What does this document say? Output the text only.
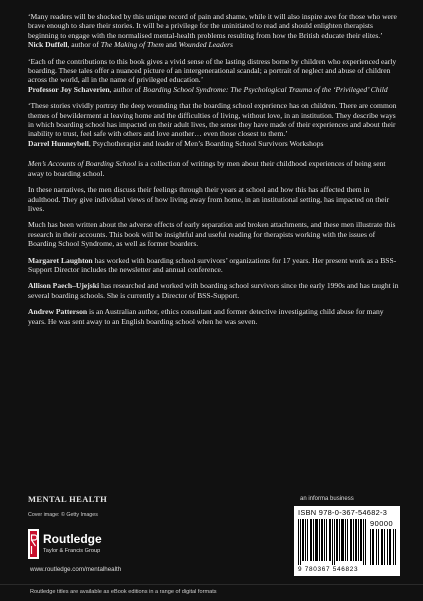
‘Many readers will be shocked by this unique record of pain and shame, while it will also inspire awe for those who were brave enough to share their stories. It will be a privilege for the uninitiated to read and should enlighten therapists beginning to engage with the normalised mental-health problems resulting from how the British educate their elites.’

Nick Duffell, author of The Making of Them and Wounded Leaders

‘Each of the contributions to this book gives a vivid sense of the lasting distress borne by children who experienced early boarding. These tales offer a nuanced picture of an intergenerational scandal; a portrait of neglect and abuse of children across the world, all in the name of privileged education.’

Professor Joy Schaverien, author of Boarding School Syndrome: The Psychological Trauma of the ‘Privileged’ Child

‘These stories vividly portray the deep wounding that the boarding school experience has on children. There are common themes of bewilderment at leaving home and the difficulties of living, without love, in an institution. They describe ways in which boarding school has impacted on their adult lives, the sense they have made of their experiences and about their inability to trust, feel safe with others and love another… even those closest to them.’

Darrel Hunneybell, Psychotherapist and leader of Men’s Boarding School Survivors Workshops

Men’s Accounts of Boarding School is a collection of writings by men about their childhood experiences of being sent away to boarding school.

In these narratives, the men discuss their feelings through their years at school and how this has affected them in adulthood. They give individual views of how living away from home, in an institutional setting, has impacted on their lives.

Much has been written about the adverse effects of early separation and broken attachments, and these men illustrate this research in their accounts. This book will be insightful and useful reading for therapists working with the issues of Boarding School Syndrome, as well as former boarders.

Margaret Laughton has worked with boarding school survivors’ organizations for 17 years. Her present work as a BSS-Support Director includes the newsletter and annual conference.

Allison Paech–Ujejski has researched and worked with boarding school survivors since the early 1990s and has taught in several boarding schools. She is currently a Director of BSS-Support.

Andrew Patterson is an Australian author, ethics consultant and former detective investigating child abuse for many years. He was sent away to an English boarding school when he was seven.

MENTAL HEALTH
Cover image: © Getty Images
Routledge
Taylor & Francis Group
www.routledge.com/mentalhealth
an informa business
ISBN 978-0-367-54682-3
90000
9 780367 546823
Routledge titles are available as eBook editions in a range of digital formats
